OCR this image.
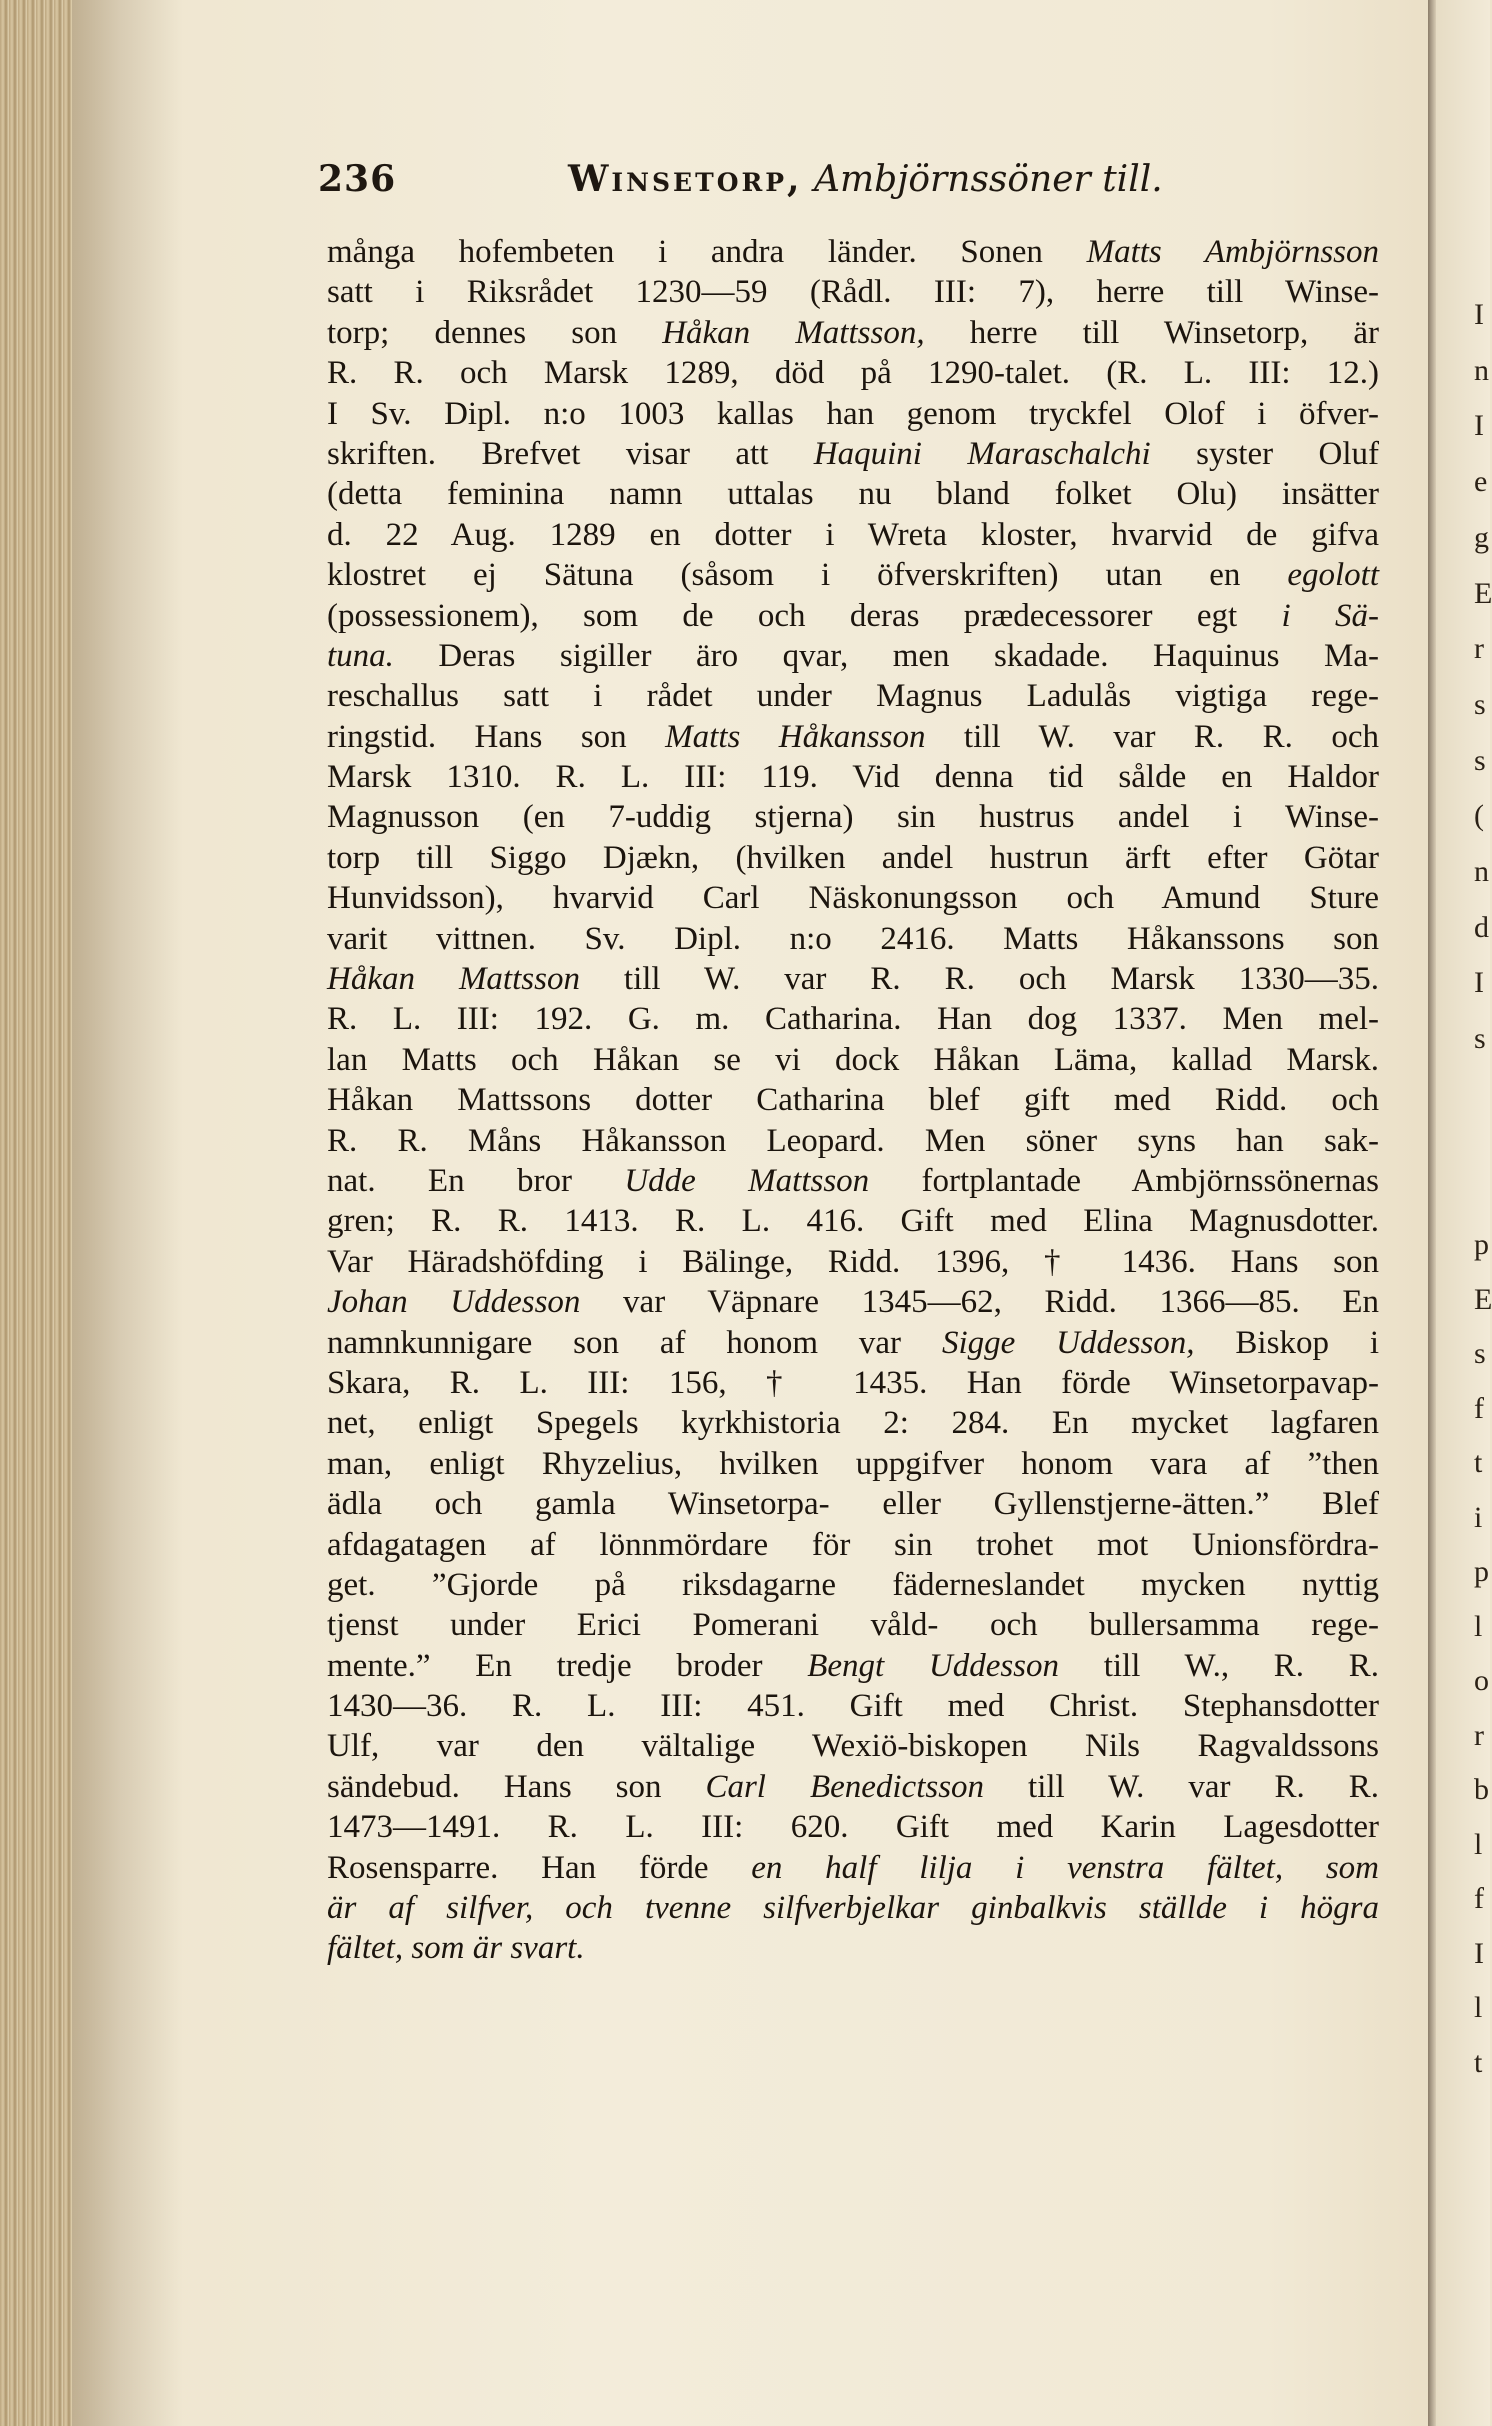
236	Winsetorp, Ambjörnssöner till.
många hofembeten i andra länder. Sonen Matts Ambjörnsson
satt i Riksrådet 1230—59 (Rådl. III: 7), herre till Winse-
torp; dennes son Håkan Mattsson, herre till Winsetorp, är
R. R. och Marsk 1289, död på 1290-talet. (R. L. III: 12.)
I Sv. Dipl. n:o 1003 kallas han genom tryckfel Olof i öfver-
skriften. Brefvet visar att Haquini Maraschalchi syster Oluf
(detta feminina namn uttalas nu bland folket Olu) insätter
d. 22 Aug. 1289 en dotter i Wreta kloster, hvarvid de gifva
klostret ej Sätuna (såsom i öfverskriften) utan en egolott
(possessionem), som de och deras prædecessorer egt i Sä-
tuna. Deras sigiller äro qvar, men skadade. Haquinus Ma-
reschallus satt i rådet under Magnus Ladulås vigtiga rege-
ringstid. Hans son Matts Håkansson till W. var R. R. och
Marsk 1310. R. L. III: 119. Vid denna tid sålde en Haldor
Magnusson (en 7-uddig stjerna) sin hustrus andel i Winse-
torp till Siggo Djækn, (hvilken andel hustrun ärft efter Götar
Hunvidsson), hvarvid Carl Näskonungsson och Amund Sture
varit vittnen. Sv. Dipl. n:o 2416. Matts Håkanssons son
Håkan Mattsson till W. var R. R. och Marsk 1330—35.
R. L. III: 192. G. m. Catharina. Han dog 1337. Men mel-
lan Matts och Håkan se vi dock Håkan Läma, kallad Marsk.
Håkan Mattssons dotter Catharina blef gift med Ridd. och
R. R. Måns Håkansson Leopard. Men söner syns han sak-
nat. En bror Udde Mattsson fortplantade Ambjörnssönernas
gren; R. R. 1413. R. L. 416. Gift med Elina Magnusdotter.
Var Häradshöfding i Bälinge, Ridd. 1396, † 1436. Hans son
Johan Uddesson var Väpnare 1345—62, Ridd. 1366—85. En
namnkunnigare son af honom var Sigge Uddesson, Biskop i
Skara, R. L. III: 156, † 1435. Han förde Winsetorpavap-
net, enligt Spegels kyrkhistoria 2: 284. En mycket lagfaren
man, enligt Rhyzelius, hvilken uppgifver honom vara af ”then
ädla och gamla Winsetorpa- eller Gyllenstjerne-ätten.” Blef
afdagatagen af lönnmördare för sin trohet mot Unionsfördra-
get. ”Gjorde på riksdagarne fäderneslandet mycken nyttig
tjenst under Erici Pomerani våld- och bullersamma rege-
mente.” En tredje broder Bengt Uddesson till W., R. R.
1430—36. R. L. III: 451. Gift med Christ. Stephansdotter
Ulf, var den vältalige Wexiö-biskopen Nils Ragvaldssons
sändebud. Hans son Carl Benedictsson till W. var R. R.
1473—1491. R. L. III: 620. Gift med Karin Lagesdotter
Rosensparre. Han förde en half lilja i venstra fältet, som
är af silfver, och tvenne silfverbjelkar ginbalkvis ställde i högra
fältet, som är svart.
I
n
I
e
g
E
r
s
s
(
n
d
I
s
p
E
s
f
t
i
p
l
o
r
b
l
f
I
l
t
